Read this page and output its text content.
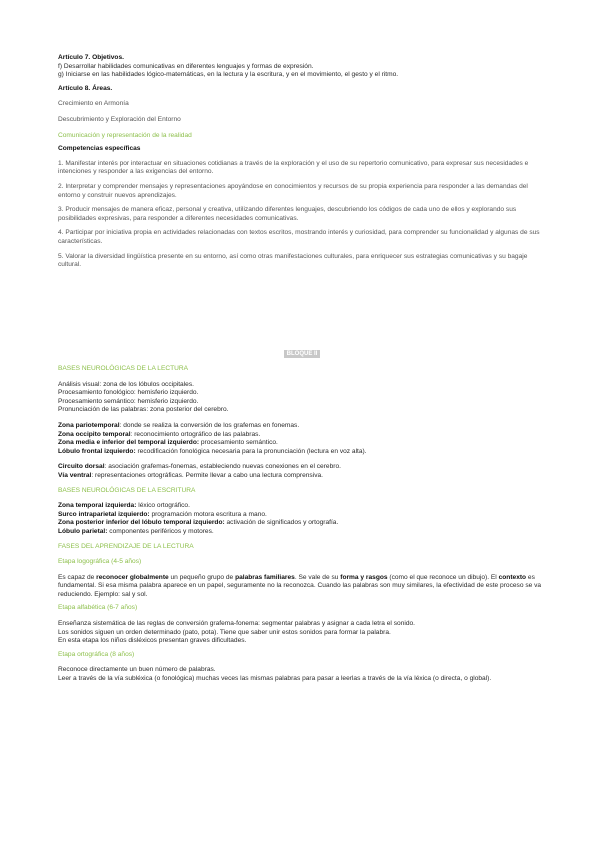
Artículo 7. Objetivos.

f) Desarrollar habilidades comunicativas en diferentes lenguajes y formas de expresión.

g) Iniciarse en las habilidades lógico-matemáticas, en la lectura y la escritura, y en el movimiento, el gesto y el ritmo.

Artículo 8. Áreas.

Crecimiento en Armonía

Descubrimiento y Exploración del Entorno

Comunicación y representación de la realidad

Competencias específicas

1. Manifestar interés por interactuar en situaciones cotidianas a través de la exploración y el uso de su repertorio comunicativo, para expresar sus necesidades e intenciones y responder a las exigencias del entorno.

2. Interpretar y comprender mensajes y representaciones apoyándose en conocimientos y recursos de su propia experiencia para responder a las demandas del entorno y construir nuevos aprendizajes.

3. Producir mensajes de manera eficaz, personal y creativa, utilizando diferentes lenguajes, descubriendo los códigos de cada uno de ellos y explorando sus posibilidades expresivas, para responder a diferentes necesidades comunicativas.

4. Participar por iniciativa propia en actividades relacionadas con textos escritos, mostrando interés y curiosidad, para comprender su funcionalidad y algunas de sus características.

5. Valorar la diversidad lingüística presente en su entorno, así como otras manifestaciones culturales, para enriquecer sus estrategias comunicativas y su bagaje cultural.

BLOQUE II

BASES NEUROLÓGICAS DE LA LECTURA

Análisis visual: zona de los lóbulos occipitales.

Procesamiento fonológico: hemisferio izquierdo.

Procesamiento semántico: hemisferio izquierdo.

Pronunciación de las palabras: zona posterior del cerebro.

Zona pariotemporal: donde se realiza la conversión de los grafemas en fonemas.

Zona occipito temporal: reconocimiento ortográfico de las palabras.

Zona media e inferior del temporal izquierdo: procesamiento semántico.

Lóbulo frontal izquierdo: recodificación fonológica necesaria para la pronunciación (lectura en voz alta).

Circuito dorsal: asociación grafemas-fonemas, estableciendo nuevas conexiones en el cerebro.

Vía ventral: representaciones ortográficas. Permite llevar a cabo una lectura comprensiva.

BASES NEUROLÓGICAS DE LA ESCRITURA

Zona temporal izquierda: léxico ortográfico.

Surco intraparietal izquierdo: programación motora escritura a mano.

Zona posterior inferior del lóbulo temporal izquierdo: activación de significados y ortografía.

Lóbulo parietal: componentes periféricos y motores.

FASES DEL APRENDIZAJE DE LA LECTURA

Etapa logográfica (4-5 años)

Es capaz de reconocer globalmente un pequeño grupo de palabras familiares. Se vale de su forma y rasgos (como el que reconoce un dibujo). El contexto es fundamental. Si esa misma palabra aparece en un papel, seguramente no la reconozca. Cuando las palabras son muy similares, la efectividad de este proceso se va reduciendo. Ejemplo: sal y sol.

Etapa alfabética (6-7 años)

Enseñanza sistemática de las reglas de conversión grafema-fonema: segmentar palabras y asignar a cada letra el sonido.

Los sonidos siguen un orden determinado (pato, pota). Tiene que saber unir estos sonidos para formar la palabra.

En esta etapa los niños disléxicos presentan graves dificultades.

Etapa ortográfica (8 años)

Reconoce directamente un buen número de palabras.

Leer a través de la vía subléxica (o fonológica) muchas veces las mismas palabras para pasar a leerlas a través de la vía léxica (o directa, o global).
